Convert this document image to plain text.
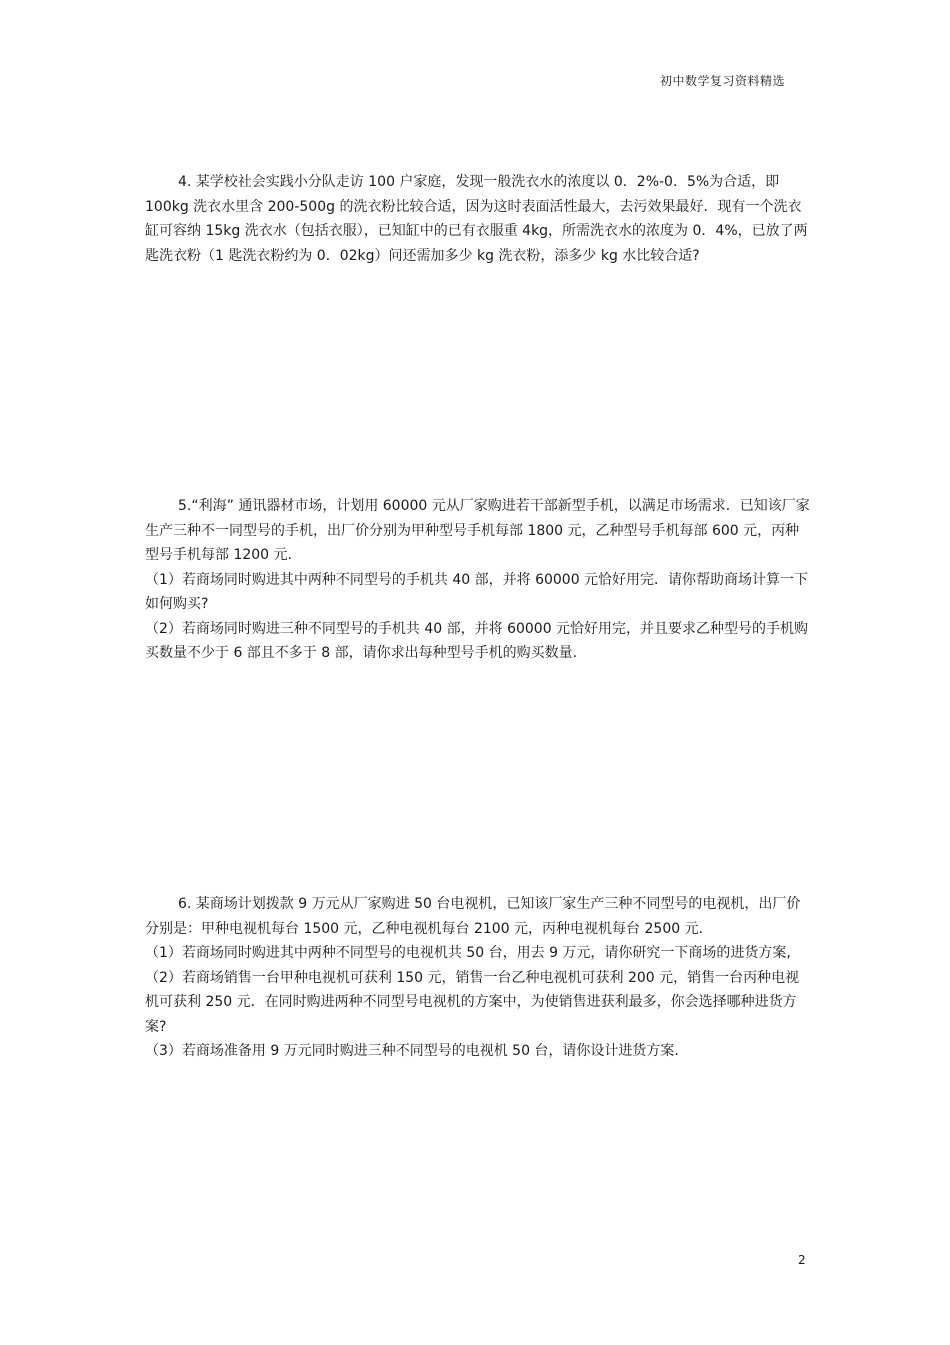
初中数学复习资料精选

4. 某学校社会实践小分队走访 100 户家庭，发现一般洗衣水的浓度以 0．2%-0．5%为合适，即 100kg 洗衣水里含 200-500g 的洗衣粉比较合适，因为这时表面活性最大，去污效果最好．现有一个洗衣缸可容纳 15kg 洗衣水（包括衣服），已知缸中的已有衣服重 4kg，所需洗衣水的浓度为 0．4%，已放了两匙洗衣粉（1 匙洗衣粉约为 0．02kg）问还需加多少 kg 洗衣粉，添多少 kg 水比较合适?

5.“利海” 通讯器材市场，计划用 60000 元从厂家购进若干部新型手机，以满足市场需求．已知该厂家生产三种不一同型号的手机，出厂价分别为甲种型号手机每部 1800 元，乙种型号手机每部 600 元，丙种型号手机每部 1200 元.

（1）若商场同时购进其中两种不同型号的手机共 40 部，并将 60000 元恰好用完．请你帮助商场计算一下如何购买?

（2）若商场同时购进三种不同型号的手机共 40 部，并将 60000 元恰好用完，并且要求乙种型号的手机购买数量不少于 6 部且不多于 8 部，请你求出每种型号手机的购买数量.

6. 某商场计划拨款 9 万元从厂家购进 50 台电视机，已知该厂家生产三种不同型号的电视机，出厂价分别是：甲种电视机每台 1500 元，乙种电视机每台 2100 元，丙种电视机每台 2500 元.

（1）若商场同时购进其中两种不同型号的电视机共 50 台，用去 9 万元，请你研究一下商场的进货方案,

（2）若商场销售一台甲种电视机可获利 150 元，销售一台乙种电视机可获利 200 元，销售一台丙种电视机可获利 250 元．在同时购进两种不同型号电视机的方案中，为使销售进获利最多，你会选择哪种进货方案?

（3）若商场准备用 9 万元同时购进三种不同型号的电视机 50 台，请你设计进货方案.

2
